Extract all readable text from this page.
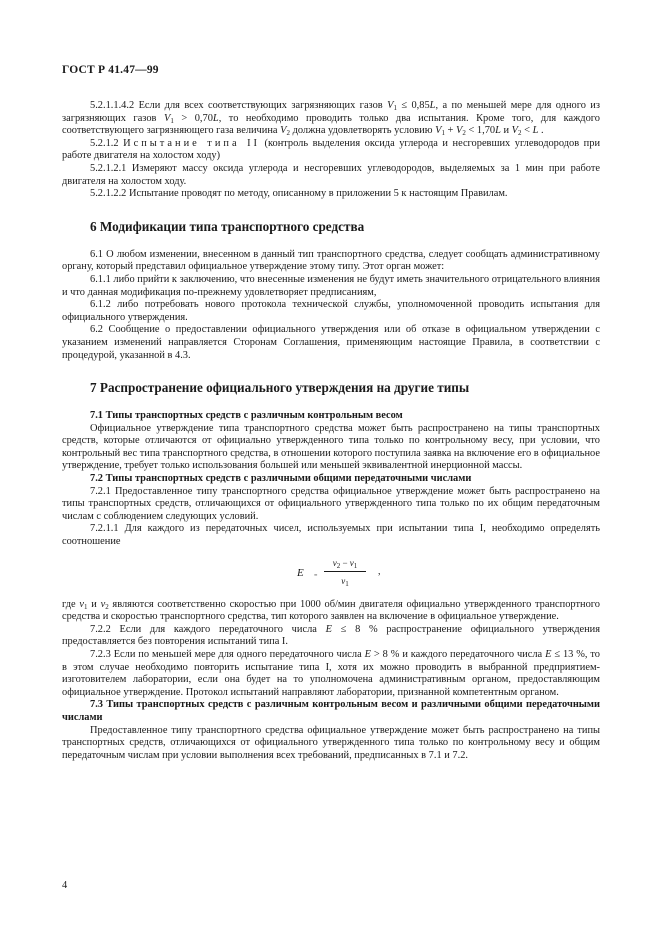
ГОСТ Р 41.47—99

5.2.1.1.4.2 Если для всех соответствующих загрязняющих газов $V_1 \le 0,85L$, а по меньшей мере для одного из загрязняющих газов $V_1 > 0,70L$, то необходимо проводить только два испытания. Кроме того, для каждого соответствующего загрязняющего газа величина $V_2$ должна удовлетворять условию $V_1 + V_2 < 1,70L$ и $V_2 < L$ .

5.2.1.2 Испытание типа II (контроль выделения оксида углерода и несгоревших углеводородов при работе двигателя на холостом ходу)

5.2.1.2.1 Измеряют массу оксида углерода и несгоревших углеводородов, выделяемых за 1 мин при работе двигателя на холостом ходу.

5.2.1.2.2 Испытание проводят по методу, описанному в приложении 5 к настоящим Правилам.

6 Модификации типа транспортного средства

6.1 О любом изменении, внесенном в данный тип транспортного средства, следует сообщать административному органу, который представил официальное утверждение этому типу. Этот орган может:

6.1.1 либо прийти к заключению, что внесенные изменения не будут иметь значительного отрицательного влияния и что данная модификация по-прежнему удовлетворяет предписаниям,

6.1.2 либо потребовать нового протокола технической службы, уполномоченной проводить испытания для официального утверждения.

6.2 Сообщение о предоставлении официального утверждения или об отказе в официальном утверждении с указанием изменений направляется Сторонам Соглашения, применяющим настоящие Правила, в соответствии с процедурой, указанной в 4.3.

7 Распространение официального утверждения на другие типы

7.1 Типы транспортных средств с различным контрольным весом

Официальное утверждение типа транспортного средства может быть распространено на типы транспортных средств, которые отличаются от официально утвержденного типа только по контрольному весу, при условии, что контрольный вес типа транспортного средства, в отношении которого поступила заявка на включение его в официальное утверждение, требует только использования большей или меньшей эквивалентной инерционной массы.

7.2 Типы транспортных средств с различными общими передаточными числами

7.2.1 Предоставленное типу транспортного средства официальное утверждение может быть распространено на типы транспортных средств, отличающихся от официального утвержденного типа только по их общим передаточным числам с соблюдением следующих условий.

7.2.1.1 Для каждого из передаточных чисел, используемых при испытании типа I, необходимо определять соотношение

E =
$v_2 - v_1$
$v_1$
,

где $v_1$ и $v_2$ являются соответственно скоростью при 1000 об/мин двигателя официально утвержденного транспортного средства и скоростью транспортного средства, тип которого заявлен на включение в официальное утверждение.

7.2.2 Если для каждого передаточного числа E ≤ 8 % распространение официального утверждения предоставляется без повторения испытаний типа I.

7.2.3 Если по меньшей мере для одного передаточного числа E > 8 % и каждого передаточного числа E ≤ 13 %, то в этом случае необходимо повторить испытание типа I, хотя их можно проводить в выбранной предприятием-изготовителем лаборатории, если она будет на то уполномочена административным органом, предоставляющим официальное утверждение. Протокол испытаний направляют лаборатории, признанной компетентным органом.

7.3 Типы транспортных средств с различным контрольным весом и различными общими передаточными числами

Предоставленное типу транспортного средства официальное утверждение может быть распространено на типы транспортных средств, отличающихся от официального утвержденного типа только по контрольному весу и общим передаточным числам при условии выполнения всех требований, предписанных в 7.1 и 7.2.

4
